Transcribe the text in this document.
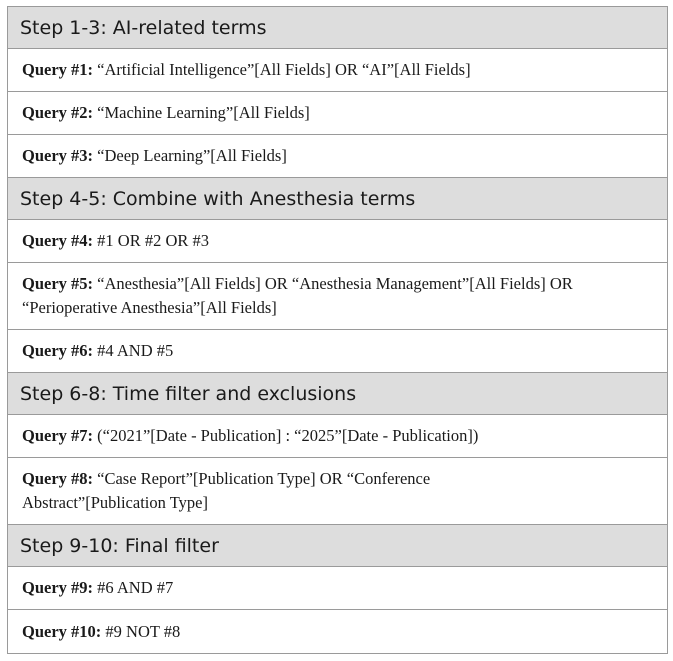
Step 1-3: AI-related terms
Query #1: “Artificial Intelligence”[All Fields] OR “AI”[All Fields]
Query #2: “Machine Learning”[All Fields]
Query #3: “Deep Learning”[All Fields]
Step 4-5: Combine with Anesthesia terms
Query #4: #1 OR #2 OR #3
Query #5: “Anesthesia”[All Fields] OR “Anesthesia Management”[All Fields] OR “Perioperative Anesthesia”[All Fields]
Query #6: #4 AND #5
Step 6-8: Time filter and exclusions
Query #7: (“2021”[Date - Publication] : “2025”[Date - Publication])
Query #8: “Case Report”[Publication Type] OR “Conference Abstract”[Publication Type]
Step 9-10: Final filter
Query #9: #6 AND #7
Query #10: #9 NOT #8
